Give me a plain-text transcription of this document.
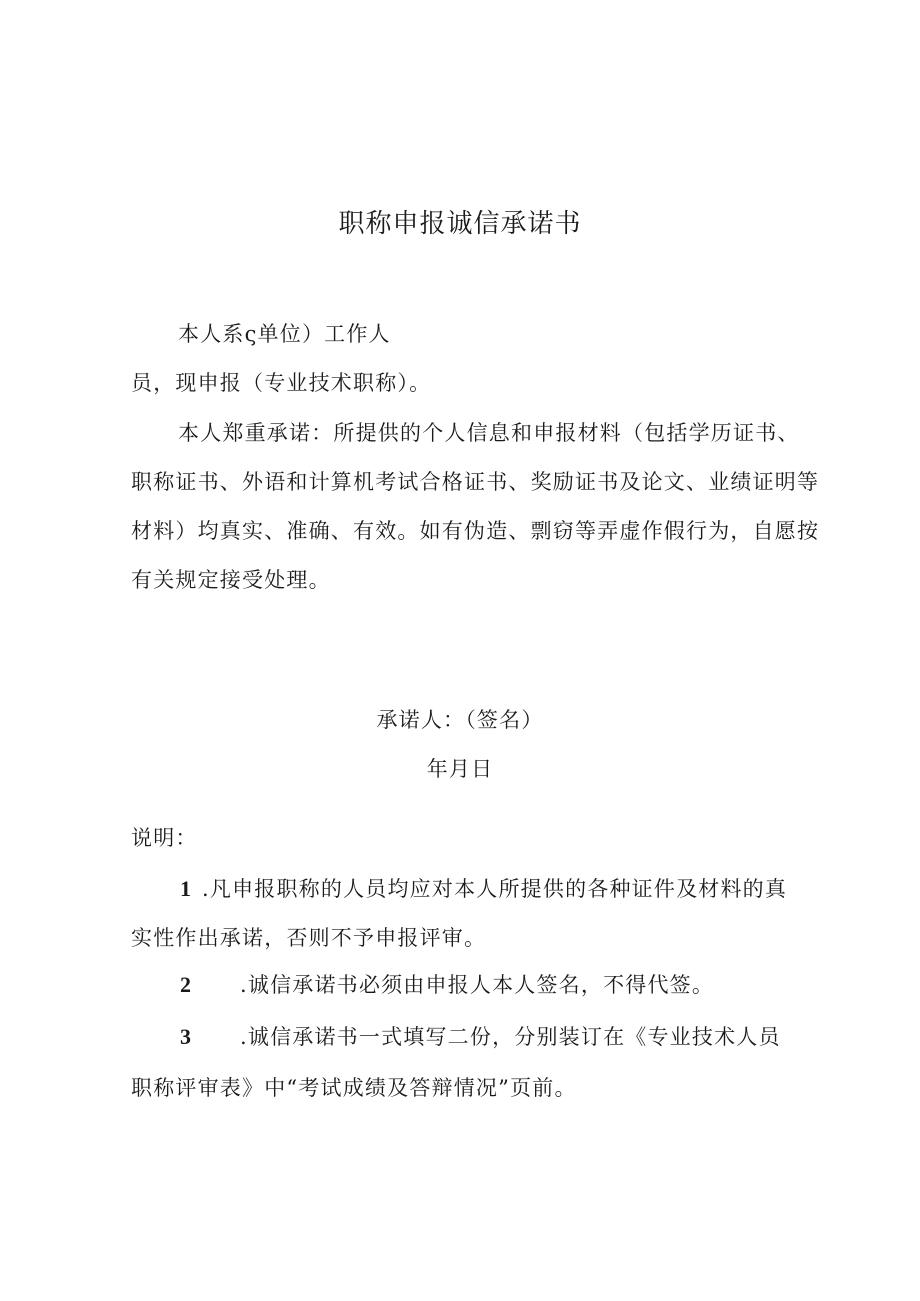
职称申报诚信承诺书

本人系ς单位）工作人

员，现申报（专业技术职称）。

本人郑重承诺：所提供的个人信息和申报材料（包括学历证书、

职称证书、外语和计算机考试合格证书、奖励证书及论文、业绩证明等

材料）均真实、准确、有效。如有伪造、剽窃等弄虚作假行为，自愿按

有关规定接受处理。

承诺人：（签名）

年月日

说明：

1 .凡申报职称的人员均应对本人所提供的各种证件及材料的真

实性作出承诺，否则不予申报评审。

2 .诚信承诺书必须由申报人本人签名，不得代签。

3 .诚信承诺书一式填写二份，分别装订在《专业技术人员

职称评审表》中“考试成绩及答辩情况”页前。
